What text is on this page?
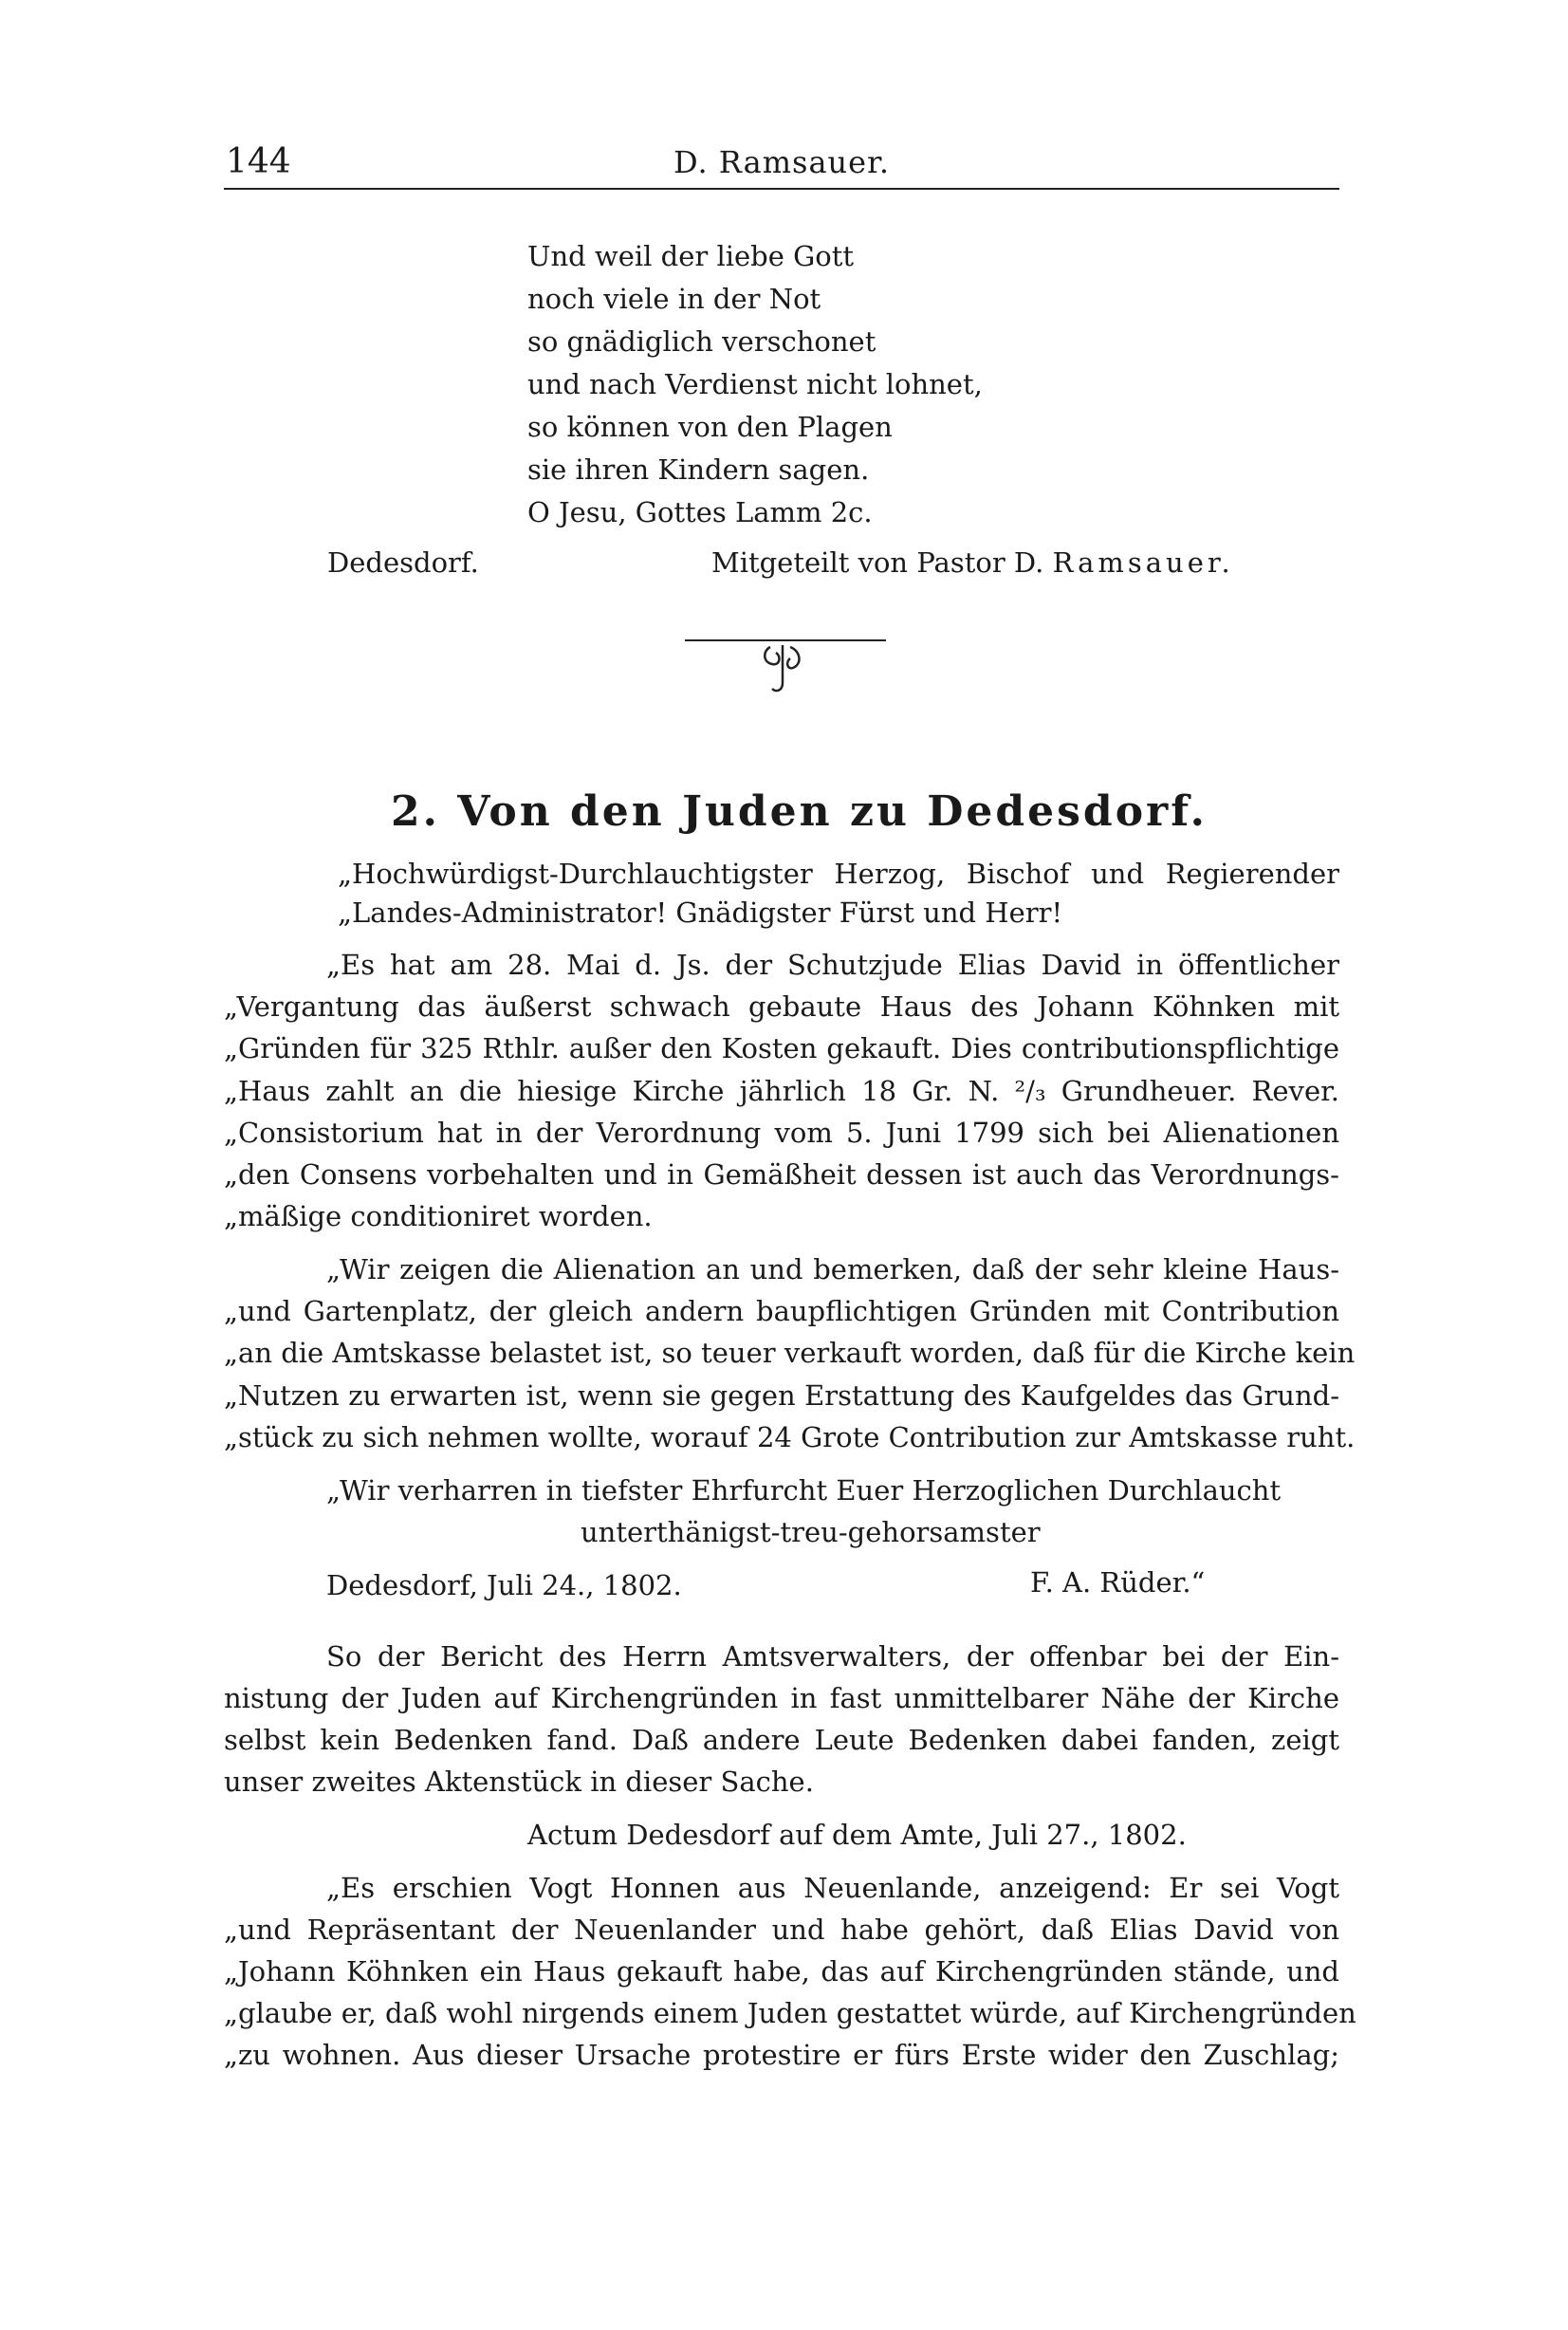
144	D. Ramsauer.
Und weil der liebe Gott
noch viele in der Not
so gnädiglich verschonet
und nach Verdienst nicht lohnet,
so können von den Plagen
sie ihren Kindern sagen.
O Jesu, Gottes Lamm 2c.
Dedesdorf.	Mitgeteilt von Pastor D. Ramsauer.
2. Von den Juden zu Dedesdorf.
„Hochwürdigst-Durchlauchtigster Herzog, Bischof und Regierender
„Landes-Administrator! Gnädigster Fürst und Herr!
„Es hat am 28. Mai d. Js. der Schutzjude Elias David in öffentlicher
„Vergantung das äußerst schwach gebaute Haus des Johann Köhnken mit
„Gründen für 325 Rthlr. außer den Kosten gekauft. Dies contributionspflichtige
„Haus zahlt an die hiesige Kirche jährlich 18 Gr. N. ²/₃ Grundheuer. Rever.
„Consistorium hat in der Verordnung vom 5. Juni 1799 sich bei Alienationen
„den Consens vorbehalten und in Gemäßheit dessen ist auch das Verordnungs-
„mäßige conditioniret worden.
„Wir zeigen die Alienation an und bemerken, daß der sehr kleine Haus-
„und Gartenplatz, der gleich andern baupflichtigen Gründen mit Contribution
„an die Amtskasse belastet ist, so teuer verkauft worden, daß für die Kirche kein
„Nutzen zu erwarten ist, wenn sie gegen Erstattung des Kaufgeldes das Grund-
„stück zu sich nehmen wollte, worauf 24 Grote Contribution zur Amtskasse ruht.
„Wir verharren in tiefster Ehrfurcht Euer Herzoglichen Durchlaucht
unterthänigst-treu-gehorsamster
Dedesdorf, Juli 24., 1802.	F. A. Rüder.“
So der Bericht des Herrn Amtsverwalters, der offenbar bei der Ein-
nistung der Juden auf Kirchengründen in fast unmittelbarer Nähe der Kirche
selbst kein Bedenken fand. Daß andere Leute Bedenken dabei fanden, zeigt
unser zweites Aktenstück in dieser Sache.
Actum Dedesdorf auf dem Amte, Juli 27., 1802.
„Es erschien Vogt Honnen aus Neuenlande, anzeigend: Er sei Vogt
„und Repräsentant der Neuenlander und habe gehört, daß Elias David von
„Johann Köhnken ein Haus gekauft habe, das auf Kirchengründen stände, und
„glaube er, daß wohl nirgends einem Juden gestattet würde, auf Kirchengründen
„zu wohnen. Aus dieser Ursache protestire er fürs Erste wider den Zuschlag;
